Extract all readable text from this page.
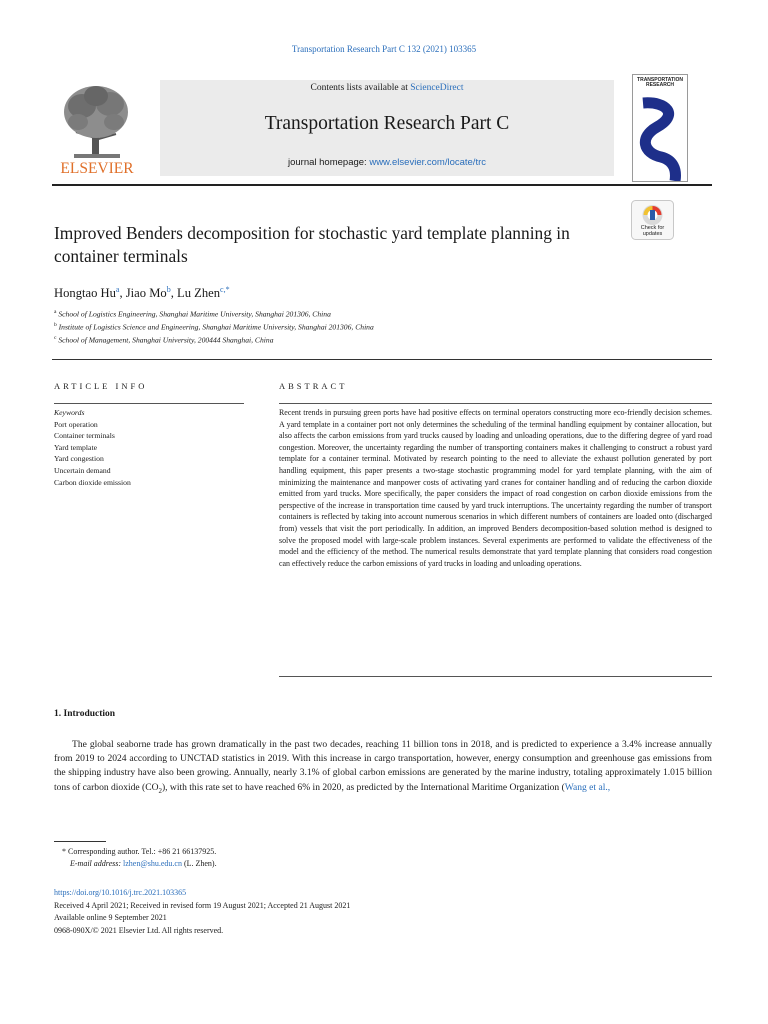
Transportation Research Part C 132 (2021) 103365
ELSEVIER
Contents lists available at ScienceDirect
Transportation Research Part C
journal homepage: www.elsevier.com/locate/trc
TRANSPORTATION RESEARCH
Check for updates
Improved Benders decomposition for stochastic yard template planning in container terminals
Hongtao Hu$^a$, Jiao Mo$^b$, Lu Zhen$^{c,*}$
$^a$ School of Logistics Engineering, Shanghai Maritime University, Shanghai 201306, China
$^b$ Institute of Logistics Science and Engineering, Shanghai Maritime University, Shanghai 201306, China
$^c$ School of Management, Shanghai University, 200444 Shanghai, China
ARTICLE INFO
Keywords
Port operation
Container terminals
Yard template
Yard congestion
Uncertain demand
Carbon dioxide emission
ABSTRACT
Recent trends in pursuing green ports have had positive effects on terminal operators constructing more eco-friendly decision schemes. A yard template in a container port not only determines the scheduling of the terminal handling equipment by container allocation, but also affects the carbon emissions from yard trucks caused by loading and unloading operations, due to the differing degree of yard road congestion. Moreover, the uncertainty regarding the number of transporting containers makes it challenging to construct a robust yard template for a container terminal. Motivated by research pointing to the need to alleviate the exhaust pollution generated by port handling equipment, this paper presents a two-stage stochastic programming model for yard template planning, with the aim of minimizing the maintenance and manpower costs of activating yard cranes for container handling and of reducing the carbon dioxide emitted from yard trucks. More specifically, the paper considers the impact of road congestion on carbon dioxide emissions from the perspective of the increase in transportation time caused by yard truck interruptions. The uncertainty regarding the number of transport containers is reflected by taking into account numerous scenarios in which different numbers of containers are loaded onto (discharged from) vessels that visit the port periodically. In addition, an improved Benders decomposition-based solution method is designed to solve the proposed model with large-scale problem instances. Several experiments are performed to validate the effectiveness of the model and the efficiency of the method. The numerical results demonstrate that yard template planning that considers road congestion can effectively reduce the carbon emissions of yard trucks in loading and unloading operations.
1. Introduction
The global seaborne trade has grown dramatically in the past two decades, reaching 11 billion tons in 2018, and is predicted to experience a 3.4% increase annually from 2019 to 2024 according to UNCTAD statistics in 2019. With this increase in cargo transportation, however, energy consumption and greenhouse gas emissions from the shipping industry have also been growing. Annually, nearly 3.1% of global carbon emissions are generated by the marine industry, totaling approximately 1.015 billion tons of carbon dioxide $(CO_2)$, with this rate set to have reached 6% in 2020, as predicted by the International Maritime Organization (Wang et al.,
* Corresponding author. Tel.: +86 21 66137925.
E-mail address: lzhen@shu.edu.cn (L. Zhen).
https://doi.org/10.1016/j.trc.2021.103365
Received 4 April 2021; Received in revised form 19 August 2021; Accepted 21 August 2021
Available online 9 September 2021
0968-090X/© 2021 Elsevier Ltd. All rights reserved.
